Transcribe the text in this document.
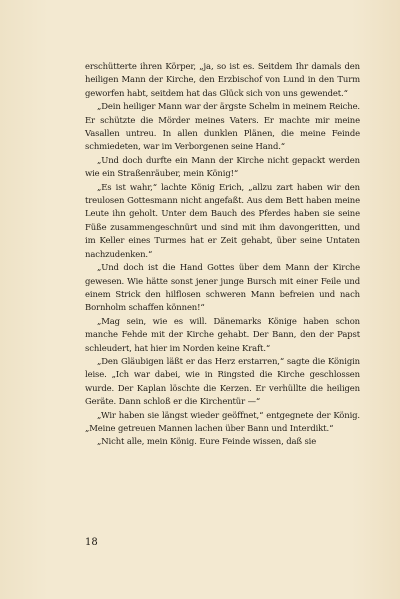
erschütterte ihren Körper, „ja, so ist es. Seitdem Ihr damals den heiligen Mann der Kirche, den Erzbischof von Lund in den Turm geworfen habt, seitdem hat das Glück sich von uns gewendet.“

„Dein heiliger Mann war der ärgste Schelm in meinem Reiche. Er schützte die Mörder meines Vaters. Er machte mir meine Vasallen untreu. In allen dunklen Plänen, die meine Feinde schmiedeten, war im Verborgenen seine Hand.“

„Und doch durfte ein Mann der Kirche nicht gepackt werden wie ein Straßenräuber, mein König!“

„Es ist wahr,“ lachte König Erich, „allzu zart haben wir den treulosen Gottesmann nicht angefaßt. Aus dem Bett haben meine Leute ihn geholt. Unter dem Bauch des Pferdes haben sie seine Füße zusammengeschnürt und sind mit ihm davongeritten, und im Keller eines Turmes hat er Zeit gehabt, über seine Untaten nachzudenken.“

„Und doch ist die Hand Gottes über dem Mann der Kirche gewesen. Wie hätte sonst jener junge Bursch mit einer Feile und einem Strick den hilflosen schweren Mann befreien und nach Bornholm schaffen können!“

„Mag sein, wie es will. Dänemarks Könige haben schon manche Fehde mit der Kirche gehabt. Der Bann, den der Papst schleudert, hat hier im Norden keine Kraft.“

„Den Gläubigen läßt er das Herz erstarren,“ sagte die Königin leise. „Ich war dabei, wie in Ringsted die Kirche geschlossen wurde. Der Kaplan löschte die Kerzen. Er verhüllte die heiligen Geräte. Dann schloß er die Kirchentür —“

„Wir haben sie längst wieder geöffnet,“ entgegnete der König. „Meine getreuen Mannen lachen über Bann und Interdikt.“

„Nicht alle, mein König. Eure Feinde wissen, daß sie

18
